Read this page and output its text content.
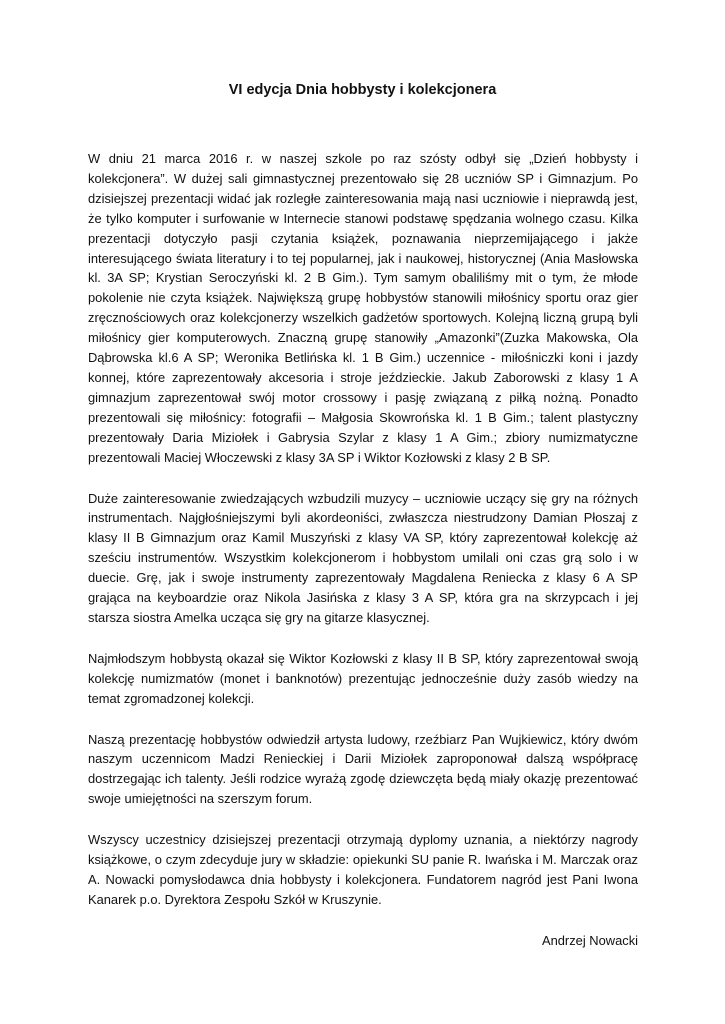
VI edycja Dnia hobbysty i kolekcjonera

W dniu 21 marca 2016 r. w naszej szkole po raz szósty odbył się „Dzień hobbysty i kolekcjonera”. W dużej sali gimnastycznej prezentowało się 28 uczniów SP i Gimnazjum. Po dzisiejszej prezentacji widać jak rozległe zainteresowania mają nasi uczniowie i nieprawdą jest, że tylko komputer i surfowanie w Internecie stanowi podstawę spędzania wolnego czasu. Kilka prezentacji dotyczyło pasji czytania książek, poznawania nieprzemijającego i jakże interesującego świata literatury i to tej popularnej, jak i naukowej, historycznej (Ania Masłowska kl. 3A SP; Krystian Seroczyński kl. 2 B Gim.). Tym samym obaliliśmy mit o tym, że młode pokolenie nie czyta książek. Największą grupę hobbystów stanowili miłośnicy sportu oraz gier zręcznościowych oraz kolekcjonerzy wszelkich gadżetów sportowych. Kolejną liczną grupą byli miłośnicy gier komputerowych. Znaczną grupę stanowiły „Amazonki”(Zuzka Makowska, Ola Dąbrowska kl.6 A SP; Weronika Betlińska kl. 1 B Gim.) uczennice - miłośniczki koni i jazdy konnej, które zaprezentowały akcesoria i stroje jeździeckie. Jakub Zaborowski z klasy 1 A gimnazjum zaprezentował swój motor crossowy i pasję związaną z piłką nożną. Ponadto prezentowali się miłośnicy: fotografii – Małgosia Skowrońska kl. 1 B Gim.; talent plastyczny prezentowały Daria Miziołek i Gabrysia Szylar z klasy 1 A Gim.; zbiory numizmatyczne prezentowali Maciej Włoczewski z klasy 3A SP i Wiktor Kozłowski z klasy 2 B SP.

Duże zainteresowanie zwiedzających wzbudzili muzycy – uczniowie uczący się gry na różnych instrumentach. Najgłośniejszymi byli akordeoniści, zwłaszcza niestrudzony Damian Płoszaj z klasy II B Gimnazjum oraz Kamil Muszyński z klasy VA SP, który zaprezentował kolekcję aż sześciu instrumentów. Wszystkim kolekcjonerom i hobbystom umilali oni czas grą solo i w duecie. Grę, jak i swoje instrumenty zaprezentowały Magdalena Reniecka z klasy 6 A SP grająca na keyboardzie oraz Nikola Jasińska z klasy 3 A SP, która gra na skrzypcach i jej starsza siostra Amelka ucząca się gry na gitarze klasycznej.

Najmłodszym hobbystą okazał się Wiktor Kozłowski z klasy II B SP, który zaprezentował swoją kolekcję numizmatów (monet i banknotów) prezentując jednocześnie duży zasób wiedzy na temat zgromadzonej kolekcji.

Naszą prezentację hobbystów odwiedził artysta ludowy, rzeźbiarz Pan Wujkiewicz, który dwóm naszym uczennicom Madzi Renieckiej i Darii Miziołek zaproponował dalszą współpracę dostrzegając ich talenty. Jeśli rodzice wyrażą zgodę dziewczęta będą miały okazję prezentować swoje umiejętności na szerszym forum.

Wszyscy uczestnicy dzisiejszej prezentacji otrzymają dyplomy uznania, a niektórzy nagrody książkowe, o czym zdecyduje jury w składzie: opiekunki SU panie R. Iwańska i M. Marczak oraz A. Nowacki pomysłodawca dnia hobbysty i kolekcjonera. Fundatorem nagród jest Pani Iwona Kanarek p.o. Dyrektora Zespołu Szkół w Kruszynie.

Andrzej Nowacki
